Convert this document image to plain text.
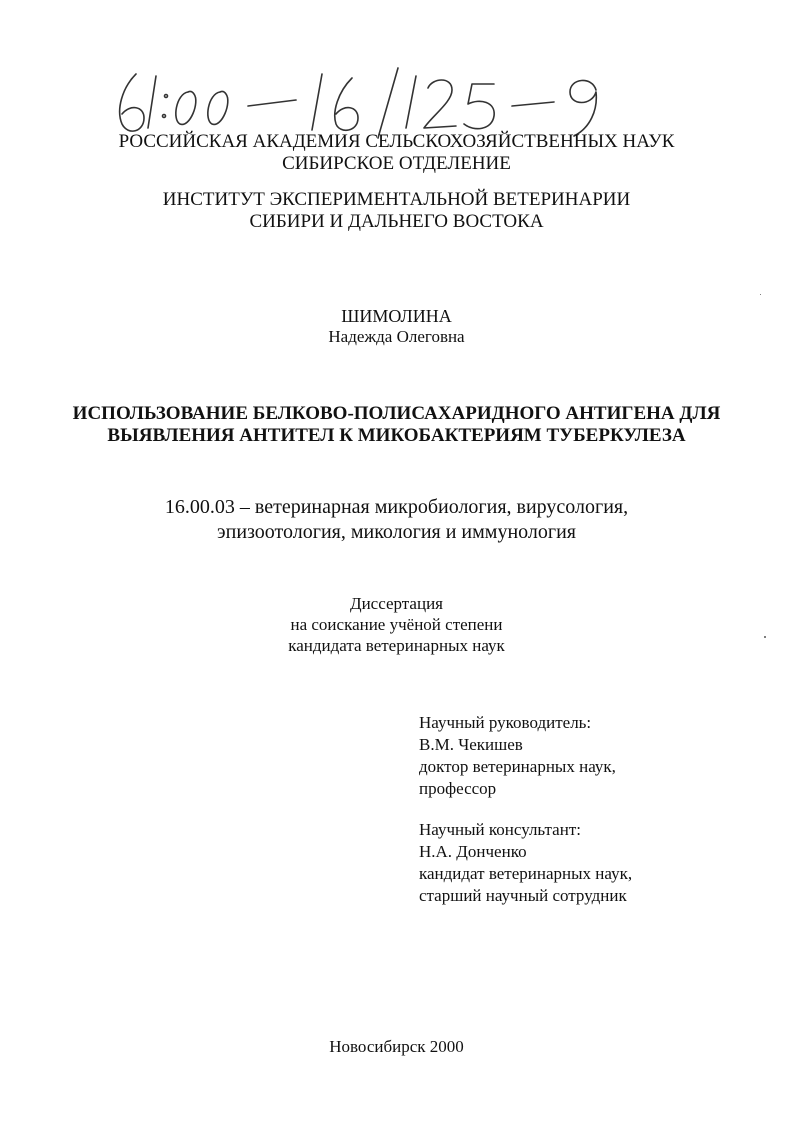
РОССИЙСКАЯ АКАДЕМИЯ СЕЛЬСКОХОЗЯЙСТВЕННЫХ НАУК
СИБИРСКОЕ ОТДЕЛЕНИЕ
ИНСТИТУТ ЭКСПЕРИМЕНТАЛЬНОЙ ВЕТЕРИНАРИИ
СИБИРИ И ДАЛЬНЕГО ВОСТОКА
ШИМОЛИНА
Надежда Олеговна
ИСПОЛЬЗОВАНИЕ БЕЛКОВО-ПОЛИСАХАРИДНОГО АНТИГЕНА ДЛЯ
ВЫЯВЛЕНИЯ АНТИТЕЛ К МИКОБАКТЕРИЯМ ТУБЕРКУЛЕЗА
16.00.03 – ветеринарная микробиология, вирусология,
эпизоотология, микология и иммунология
Диссертация
на соискание учёной степени
кандидата ветеринарных наук
Научный руководитель:
В.М. Чекишев
доктор ветеринарных наук,
профессор
Научный консультант:
Н.А. Донченко
кандидат ветеринарных наук,
старший научный сотрудник
Новосибирск 2000
